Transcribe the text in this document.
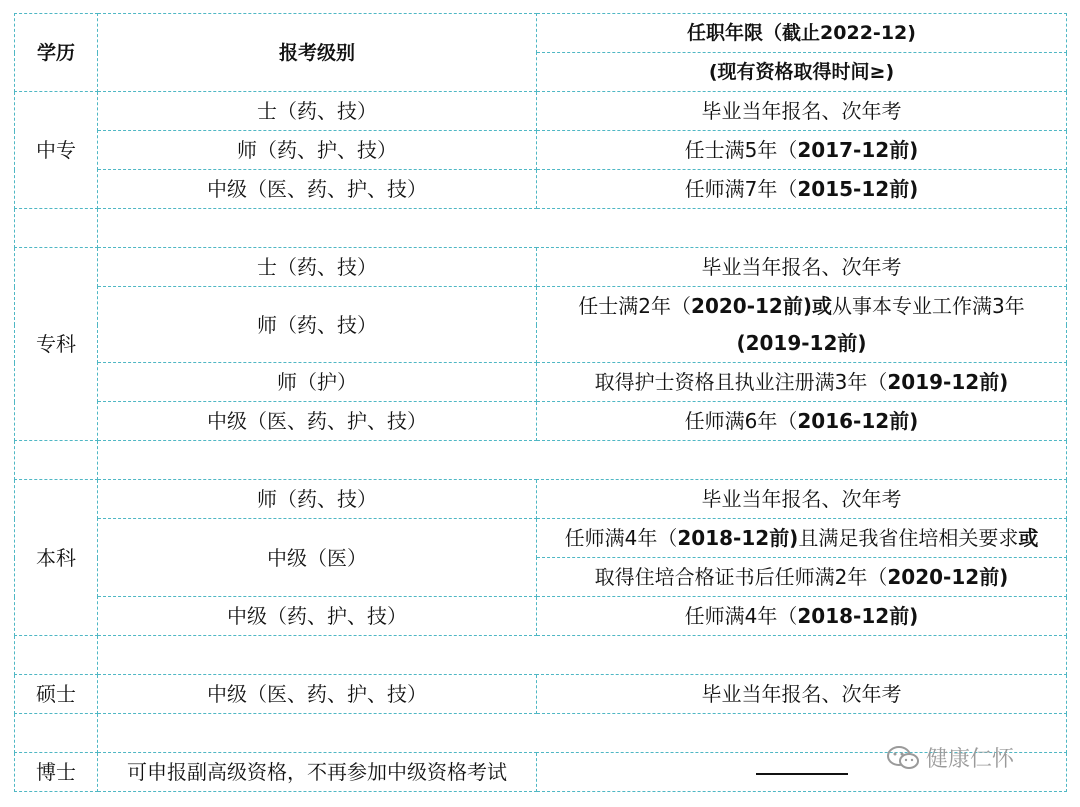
学历	报考级别	任职年限（截止2022-12)
		(现有资格取得时间≥)
中专	士（药、技）	毕业当年报名、次年考
	师（药、护、技）	任士满5年（2017-12前)
	中级（医、药、护、技）	任师满7年（2015-12前)

专科	士（药、技）	毕业当年报名、次年考
	师（药、技）	任士满2年（2020-12前)或从事本专业工作满3年
		(2019-12前)
	师（护）	取得护士资格且执业注册满3年（2019-12前)
	中级（医、药、护、技）	任师满6年（2016-12前)

本科	师（药、技）	毕业当年报名、次年考
	中级（医）	任师满4年（2018-12前)且满足我省住培相关要求或
		取得住培合格证书后任师满2年（2020-12前)
	中级（药、护、技）	任师满4年（2018-12前)

硕士	中级（医、药、护、技）	毕业当年报名、次年考

博士	可申报副高级资格，不再参加中级资格考试		健康仁怀
